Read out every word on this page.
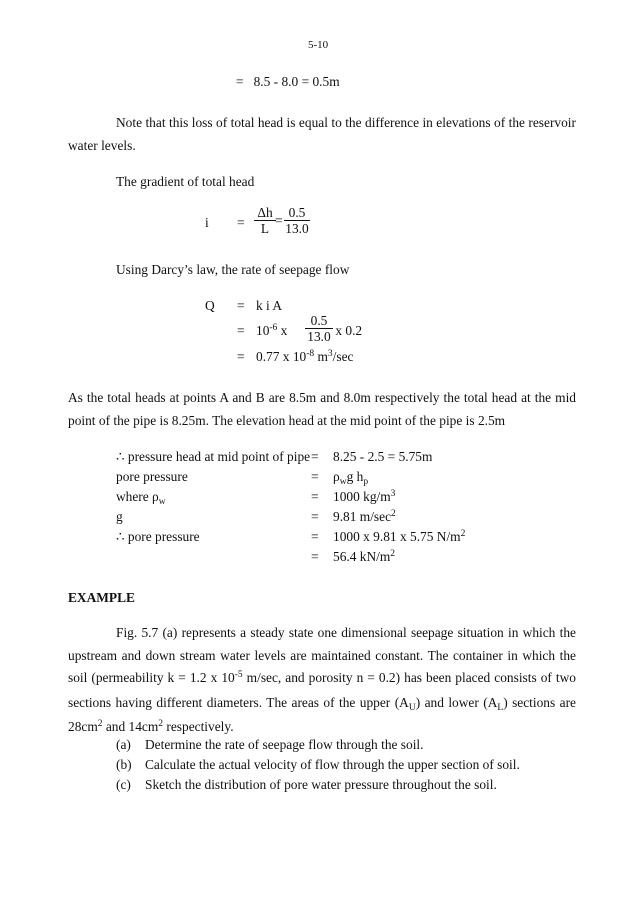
5-10
=   8.5 - 8.0 = 0.5m
Note that this loss of total head is equal to the difference in elevations of the reservoir water levels.
The gradient of total head
$i = \frac{\Delta h}{L} = \frac{0.5}{13.0}$
Using Darcy’s law, the rate of seepage flow
Q = k i A
= $10^{-6}$ x $\frac{0.5}{13.0}$ x 0.2
= 0.77 x $10^{-8}$ $m^3/\sec$
As the total heads at points A and B are 8.5m and 8.0m respectively the total head at the mid point of the pipe is 8.25m. The elevation head at the mid point of the pipe is 2.5m
∴ pressure head at mid point of pipe = 8.25 - 2.5 = 5.75m
pore pressure	= $\rho_wg$ $h_p$
where $\rho_w$	= 1000 $kg/m^3$
g	= 9.81 $m/\sec^2$
∴ pore pressure	= 1000 x 9.81 x 5.75 $N/m^2$
= 56.4 $kN/m^2$
EXAMPLE
Fig. 5.7 (a) represents a steady state one dimensional seepage situation in which the upstream and down stream water levels are maintained constant. The container in which the soil (permeability k = 1.2 x $10^{-5}$ m/sec, and porosity n = 0.2) has been placed consists of two sections having different diameters. The areas of the upper $(A_U)$ and lower $(A_L)$ sections are $28cm^2$ and $14cm^2$ respectively.
(a) Determine the rate of seepage flow through the soil.
(b) Calculate the actual velocity of flow through the upper section of soil.
(c) Sketch the distribution of pore water pressure throughout the soil.
